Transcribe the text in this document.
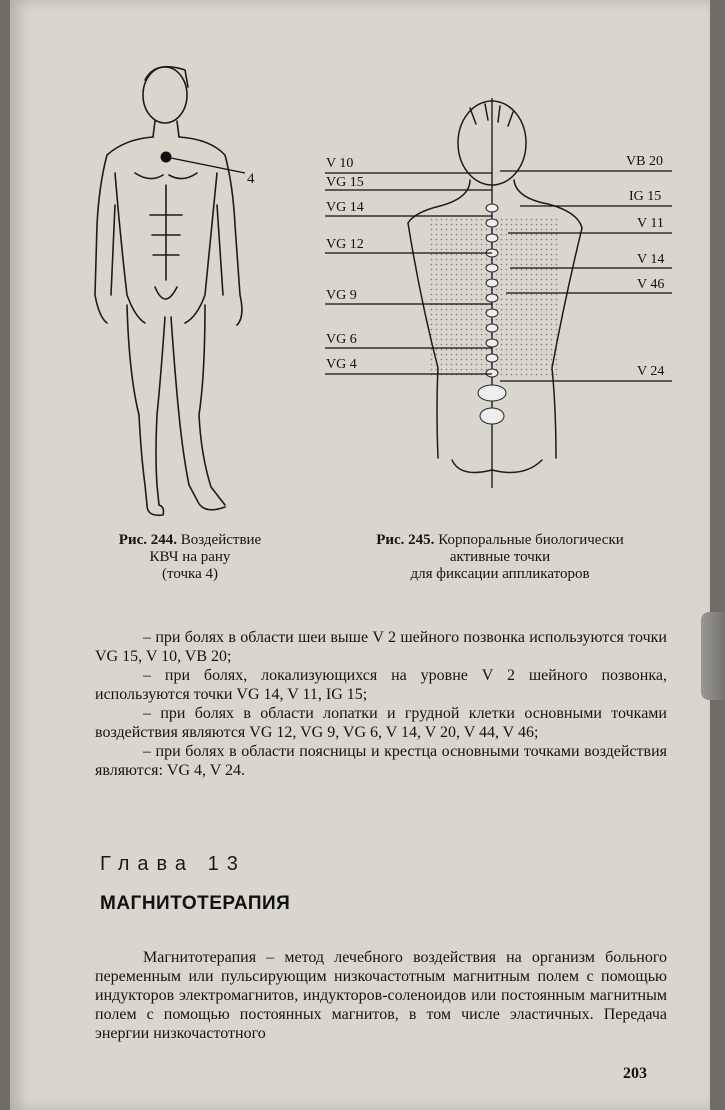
4
V 10
VG 15
VG 14
VG 12
VG 9
VG 6
VG 4
VB 20
IG 15
V 11
V 14
V 46
V 24
Рис. 244. Воздействие
КВЧ на рану
(точка 4)
Рис. 245. Корпоральные биологически
активные точки
для фиксации аппликаторов

– при болях в области шеи выше V 2 шейного позвонка используются точки VG 15, V 10, VB 20;

– при болях, локализующихся на уровне V 2 шейного позвонка, используются точки VG 14, V 11, IG 15;

– при болях в области лопатки и грудной клетки основными точками воздействия являются VG 12, VG 9, VG 6, V 14, V 20, V 44, V 46;

– при болях в области поясницы и крестца основными точками воздействия являются: VG 4, V 24.

Глава 13
МАГНИТОТЕРАПИЯ

Магнитотерапия – метод лечебного воздействия на организм больного переменным или пульсирующим низкочастотным магнитным полем с помощью индукторов электромагнитов, индукторов-соленоидов или постоянным магнитным полем с помощью постоянных магнитов, в том числе эластичных. Передача энергии низкочастотного

203
